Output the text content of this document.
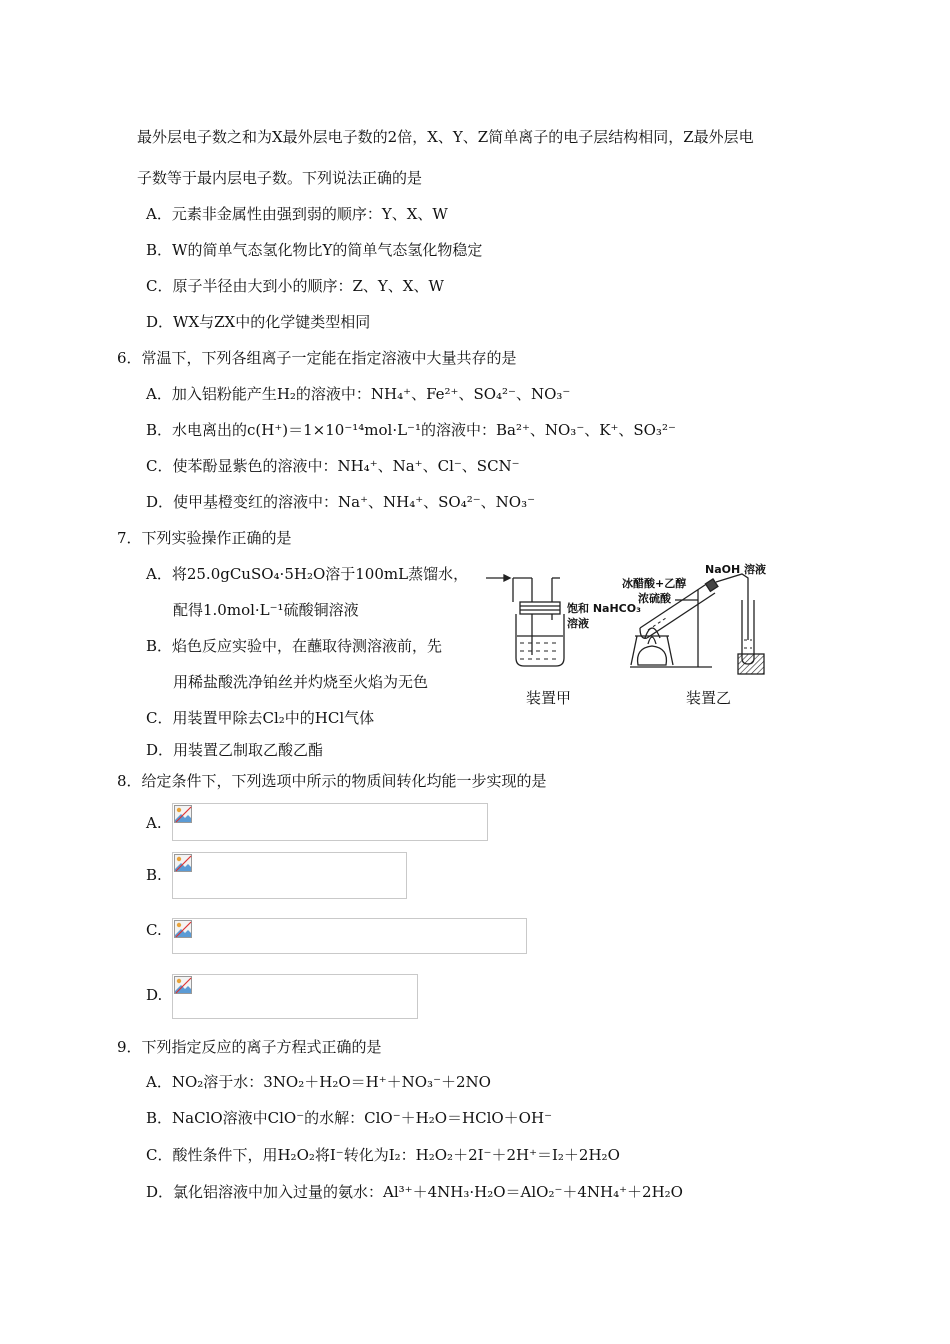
最外层电子数之和为X最外层电子数的2倍，X、Y、Z简单离子的电子层结构相同，Z最外层电
子数等于最内层电子数。下列说法正确的是
A．元素非金属性由强到弱的顺序：Y、X、W
B．W的简单气态氢化物比Y的简单气态氢化物稳定
C．原子半径由大到小的顺序：Z、Y、X、W
D．WX与ZX中的化学键类型相同
6．常温下，下列各组离子一定能在指定溶液中大量共存的是
A．加入铝粉能产生H₂的溶液中：NH₄⁺、Fe²⁺、SO₄²⁻、NO₃⁻
B．水电离出的c(H⁺)＝1×10⁻¹⁴mol·L⁻¹的溶液中：Ba²⁺、NO₃⁻、K⁺、SO₃²⁻
C．使苯酚显紫色的溶液中：NH₄⁺、Na⁺、Cl⁻、SCN⁻
D．使甲基橙变红的溶液中：Na⁺、NH₄⁺、SO₄²⁻、NO₃⁻
7．下列实验操作正确的是
A．将25.0gCuSO₄·5H₂O溶于100mL蒸馏水，
配得1.0mol·L⁻¹硫酸铜溶液
B．焰色反应实验中，在蘸取待测溶液前，先
用稀盐酸洗净铂丝并灼烧至火焰为无色
C．用装置甲除去Cl₂中的HCl气体
D．用装置乙制取乙酸乙酯
饱和 NaHCO₃
溶液
NaOH 溶液
冰醋酸+乙醇
浓硫酸
装置甲	装置乙
8．给定条件下，下列选项中所示的物质间转化均能一步实现的是
A.
B.
C.
D.
9．下列指定反应的离子方程式正确的是
A．NO₂溶于水：3NO₂＋H₂O＝H⁺＋NO₃⁻＋2NO
B．NaClO溶液中ClO⁻的水解：ClO⁻＋H₂O＝HClO＋OH⁻
C．酸性条件下，用H₂O₂将I⁻转化为I₂：H₂O₂＋2I⁻＋2H⁺＝I₂＋2H₂O
D．氯化铝溶液中加入过量的氨水：Al³⁺＋4NH₃·H₂O＝AlO₂⁻＋4NH₄⁺＋2H₂O
